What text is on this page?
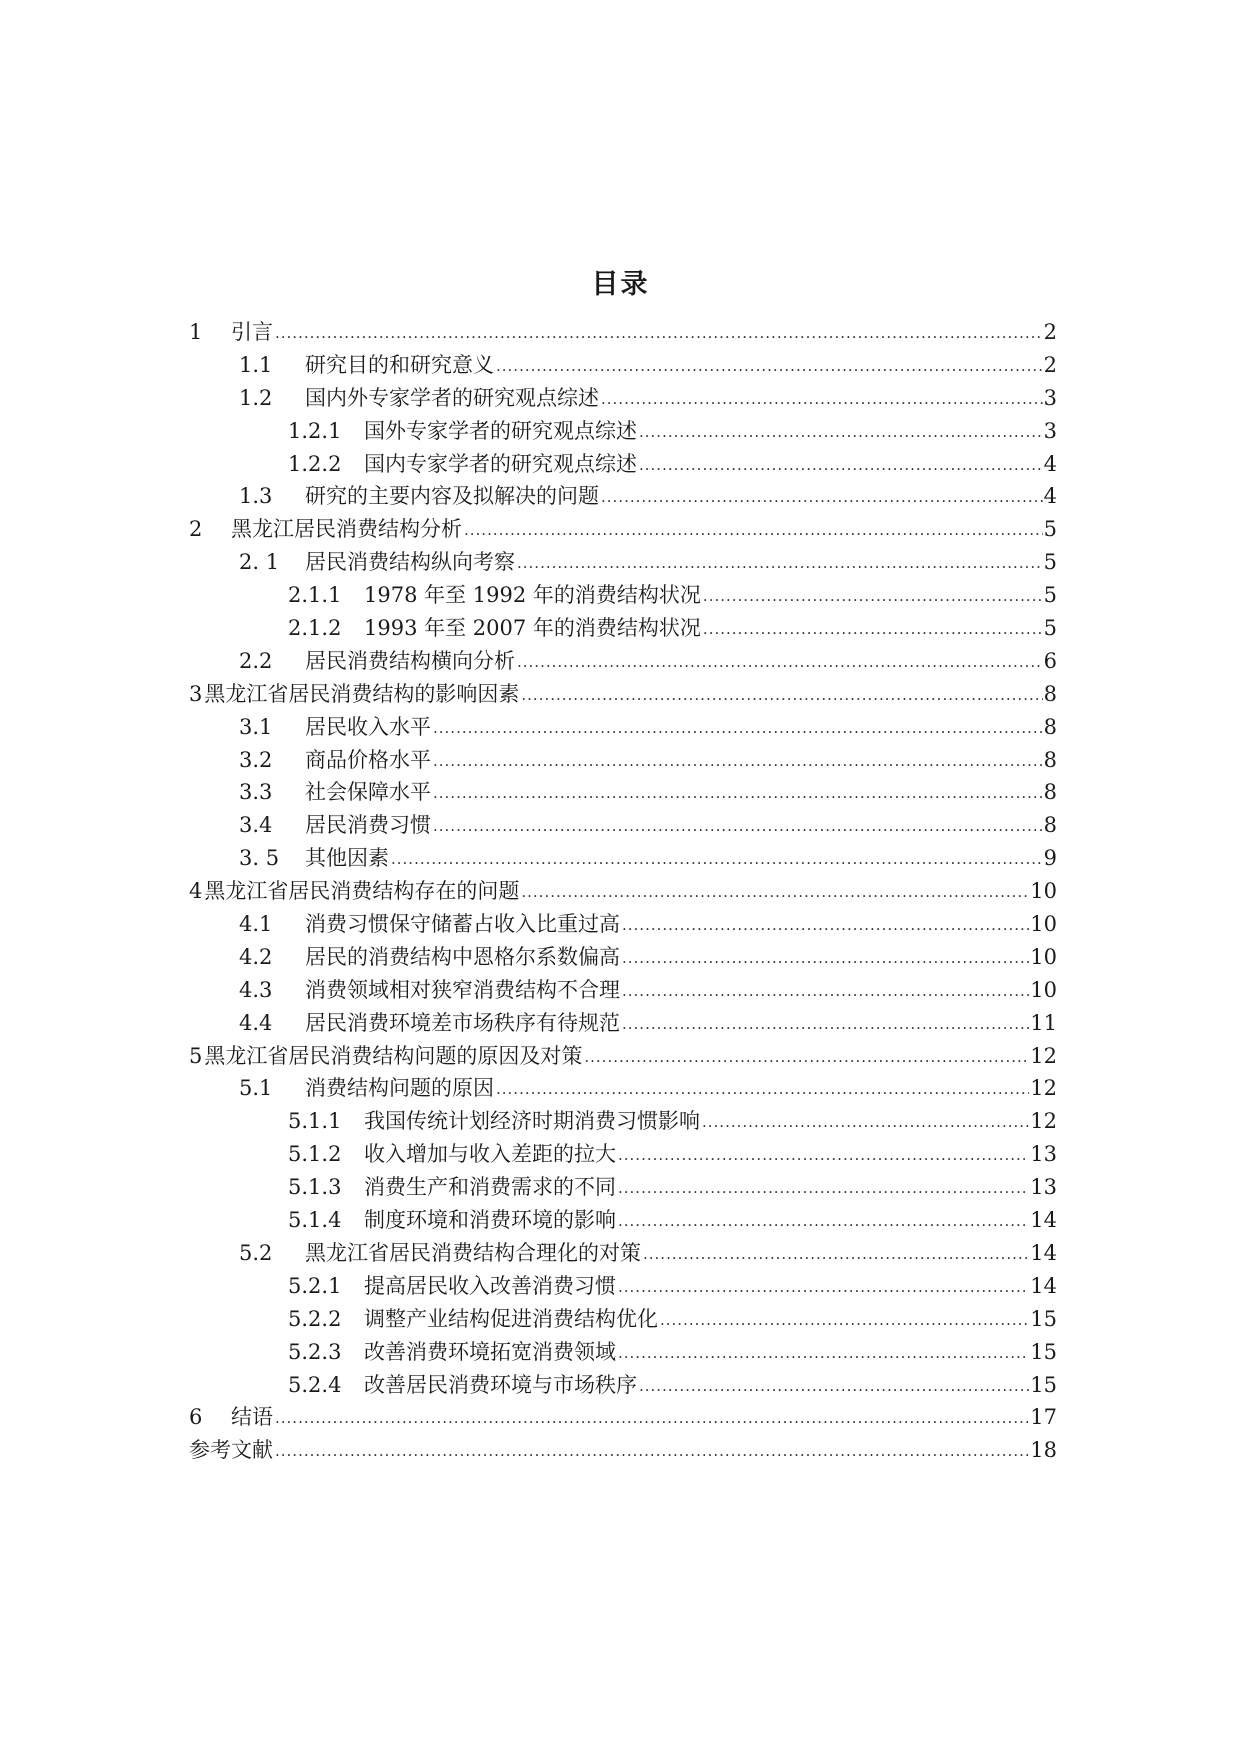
目录
1	引言 .....	2
1.1	研究目的和研究意义 .....	2
1.2	国内外专家学者的研究观点综述 .....	3
1.2.1	国外专家学者的研究观点综述 .....	3
1.2.2	国内专家学者的研究观点综述 .....	4
1.3	研究的主要内容及拟解决的问题 .....	4
2	黑龙江居民消费结构分析 .....	5
2. 1	居民消费结构纵向考察 .....	5
2.1.1	1978 年至 1992 年的消费结构状况 .....	5
2.1.2	1993 年至 2007 年的消费结构状况 .....	5
2.2	居民消费结构横向分析 .....	6
3 黑龙江省居民消费结构的影响因素 .....	8
3.1	居民收入水平 .....	8
3.2	商品价格水平 .....	8
3.3	社会保障水平 .....	8
3.4	居民消费习惯 .....	8
3. 5	其他因素 .....	9
4 黑龙江省居民消费结构存在的问题 .....	10
4.1	消费习惯保守储蓄占收入比重过高 .....	10
4.2	居民的消费结构中恩格尔系数偏高 .....	10
4.3	消费领域相对狭窄消费结构不合理 .....	10
4.4	居民消费环境差市场秩序有待规范 .....	11
5 黑龙江省居民消费结构问题的原因及对策 .....	12
5.1	消费结构问题的原因 .....	12
5.1.1	我国传统计划经济时期消费习惯影响 .....	12
5.1.2	收入增加与收入差距的拉大 .....	13
5.1.3	消费生产和消费需求的不同 .....	13
5.1.4	制度环境和消费环境的影响 .....	14
5.2	黑龙江省居民消费结构合理化的对策 .....	14
5.2.1	提高居民收入改善消费习惯 .....	14
5.2.2	调整产业结构促进消费结构优化 .....	15
5.2.3	改善消费环境拓宽消费领域 .....	15
5.2.4	改善居民消费环境与市场秩序 .....	15
6	结语 .....	17
参考文献 .....	18
